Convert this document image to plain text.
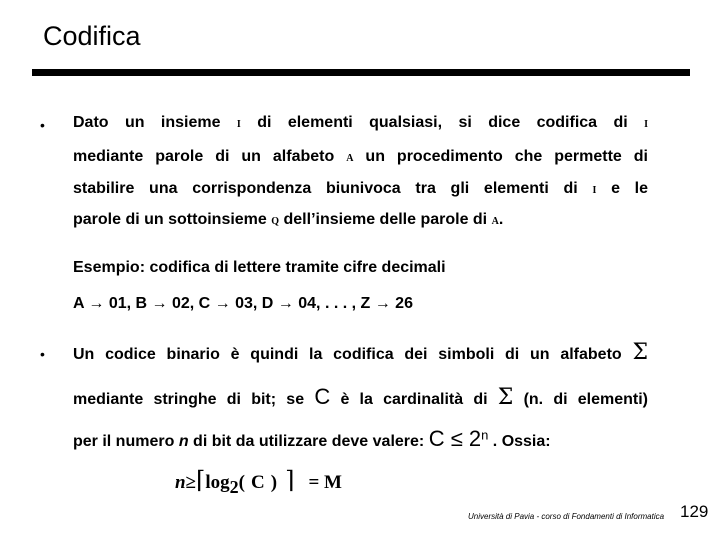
Codifica
• Dato un insieme I di elementi qualsiasi, si dice codifica di I
mediante parole di un alfabeto A un procedimento che permette di
stabilire una corrispondenza biunivoca tra gli elementi di I e le
parole di un sottoinsieme Q dell’insieme delle parole di A.
Esempio: codifica di lettere tramite cifre decimali
A → 01, B → 02, C → 03, D → 04, . . . , Z → 26
• Un codice binario è quindi la codifica dei simboli di un alfabeto Σ
mediante stringhe di bit; se C è la cardinalità di Σ (n. di elementi)
per il numero n di bit da utilizzare deve valere: $C \le 2^n$ . Ossia:
$n\ge⌈\log_2$( C ) ⌉ = M
Università di Pavia - corso di Fondamenti di Informatica 129
